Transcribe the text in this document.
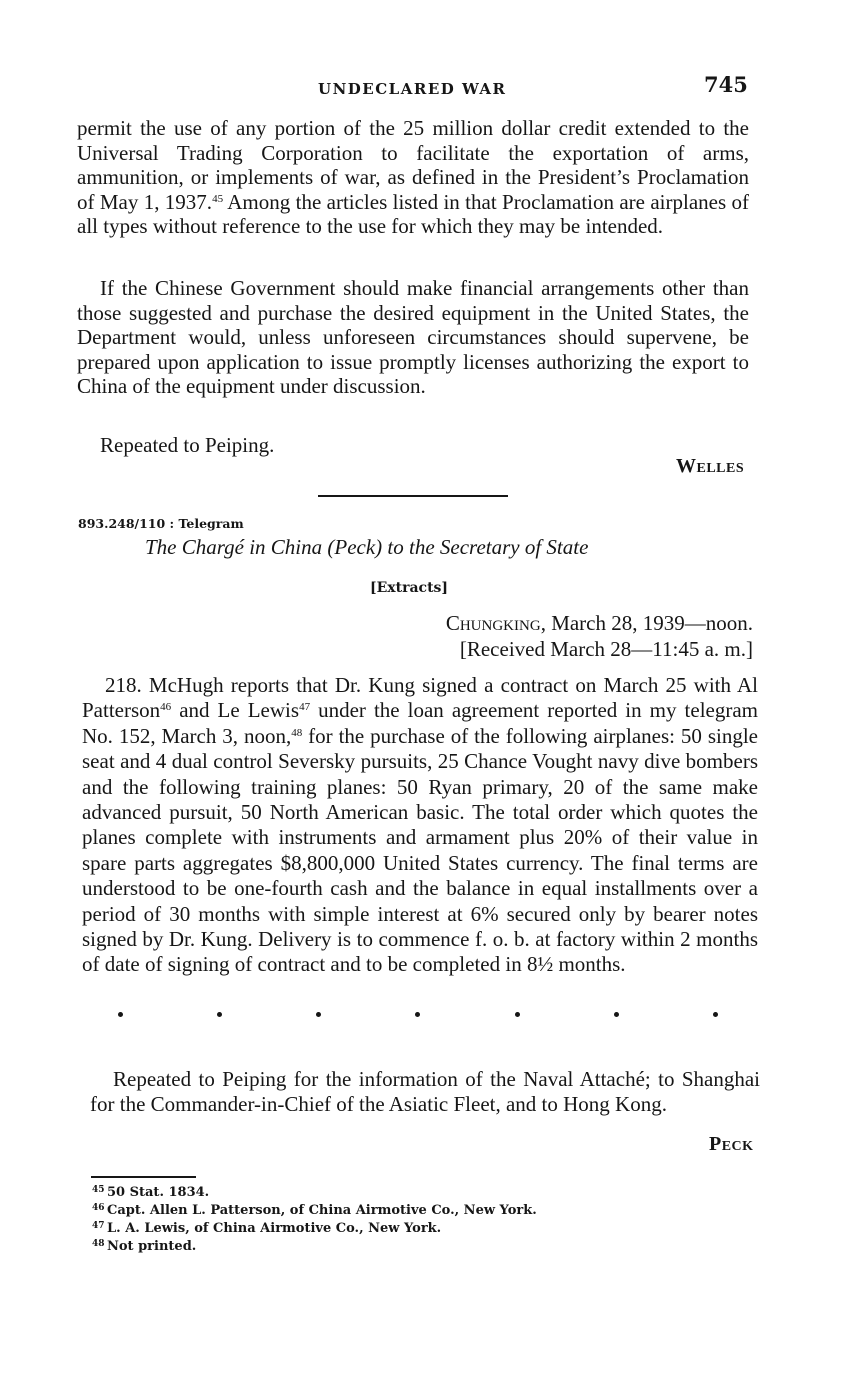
UNDECLARED WAR	745
permit the use of any portion of the 25 million dollar credit extended to the Universal Trading Corporation to facilitate the exportation of arms, ammunition, or implements of war, as defined in the President’s Proclamation of May 1, 1937.45 Among the articles listed in that Proclamation are airplanes of all types without reference to the use for which they may be intended.
If the Chinese Government should make financial arrangements other than those suggested and purchase the desired equipment in the United States, the Department would, unless unforeseen circumstances should supervene, be prepared upon application to issue promptly licenses authorizing the export to China of the equipment under discussion.
Repeated to Peiping.
Welles
893.248/110 : Telegram
The Chargé in China (Peck) to the Secretary of State
[Extracts]
Chungking, March 28, 1939—noon.
[Received March 28—11:45 a. m.]
218. McHugh reports that Dr. Kung signed a contract on March 25 with Al Patterson$^{46}$ and Le Lewis$^{47}$ under the loan agreement reported in my telegram No. 152, March 3, noon,$^{48}$ for the purchase of the following airplanes: 50 single seat and 4 dual control Seversky pursuits, 25 Chance Vought navy dive bombers and the following training planes: 50 Ryan primary, 20 of the same make advanced pursuit, 50 North American basic. The total order which quotes the planes complete with instruments and armament plus 20% of their value in spare parts aggregates $8,800,000 United States currency. The final terms are understood to be one-fourth cash and the balance in equal installments over a period of 30 months with simple interest at 6% secured only by bearer notes signed by Dr. Kung. Delivery is to commence f. o. b. at factory within 2 months of date of signing of contract and to be completed in 8½ months.
Repeated to Peiping for the information of the Naval Attaché; to Shanghai for the Commander-in-Chief of the Asiatic Fleet, and to Hong Kong.
Peck
45 50 Stat. 1834.
46 Capt. Allen L. Patterson, of China Airmotive Co., New York.
47 L. A. Lewis, of China Airmotive Co., New York.
48 Not printed.
